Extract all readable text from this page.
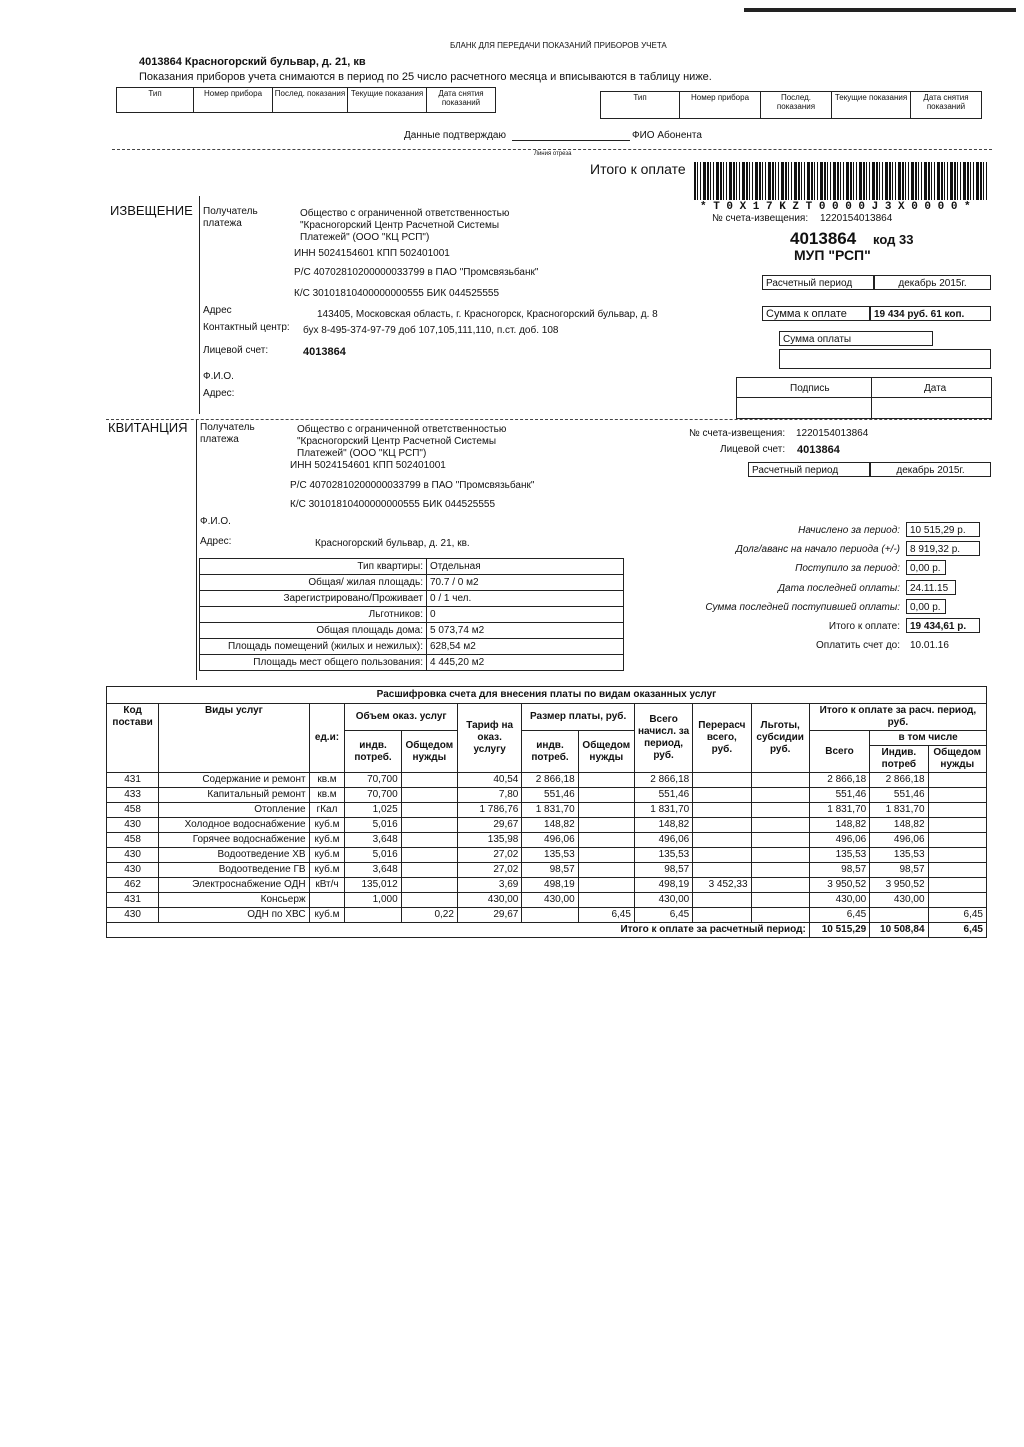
БЛАНК ДЛЯ ПЕРЕДАЧИ ПОКАЗАНИЙ ПРИБОРОВ УЧЕТА
4013864 Красногорский бульвар, д. 21, кв
Показания приборов учета снимаются в период по 25 число расчетного месяца и вписываются в таблицу ниже.
Тип	Номер прибора	Послед. показания	Текущие показания	Дата снятия показаний
Тип	Номер прибора	Послед. показания	Текущие показания	Дата снятия показаний
Данные подтверждаю	ФИО Абонента
Линия отреза
ИЗВЕЩЕНИЕ
Итого к оплате
* T 0 X 1 7 K Z T 0 0 0 0 J 3 X 0 0 0 0 *
№ счета-извещения: 1220154013864
4013864 код 33
МУП "РСП"
Получатель платежа
Общество с ограниченной ответственностью "Красногорский Центр Расчетной Системы Платежей" (ООО "КЦ РСП")
ИНН 5024154601 КПП 502401001
Р/С 40702810200000033799 в ПАО "Промсвязьбанк"
К/С 30101810400000000555 БИК 044525555
Адрес	143405, Московская область, г. Красногорск, Красногорский бульвар, д. 8
Контактный центр: бух 8-495-374-97-79 доб 107,105,111,110, п.ст. доб. 108
Лицевой счет:	4013864
Ф.И.О.
Адрес:
Расчетный период	декабрь 2015г.
Сумма к оплате	19 434 руб. 61 коп.
Сумма оплаты
Подпись	Дата
КВИТАНЦИЯ Получатель платежа
Общество с ограниченной ответственностью "Красногорский Центр Расчетной Системы Платежей" (ООО "КЦ РСП")
ИНН 5024154601 КПП 502401001
Р/С 40702810200000033799 в ПАО "Промсвязьбанк"
К/С 30101810400000000555 БИК 044525555
№ счета-извещения: 1220154013864
Лицевой счет: 4013864
Расчетный период	декабрь 2015г.
Ф.И.О.
Адрес:	Красногорский бульвар, д. 21, кв.
Тип квартиры:	Отдельная
Общая/ жилая площадь:	70.7 / 0 м2
Зарегистрировано/Проживает	0 / 1 чел.
Льготников:	0
Общая площадь дома:	5 073,74 м2
Площадь помещений (жилых и нежилых):	628,54 м2
Площадь мест общего пользования:	4 445,20 м2
Начислено за период:	10 515,29 р.
Долг/аванс на начало периода (+/-)	8 919,32 р.
Поступило за период:	0,00 р.
Дата последней оплаты:	24.11.15
Сумма последней поступившей оплаты:	0,00 р.
Итого к оплате:	19 434,61 р.
Оплатить счет до: 10.01.16
Расшифровка счета для внесения платы по видам оказанных услуг													
Код постави	Виды услуг	ед.и:	Объем оказ. услуг		Тариф на оказ. услугу	Размер платы, руб.		Всего начисл. за период, руб.	Перерасч всего, руб.	Льготы, субсидии руб.	Итого к оплате за расч. период, руб.		
			индв. потреб.	Общедом нужды		индв. потреб.	Общедом нужды				Всего	в том числе	
												Индив. потреб	Общедом нужды
431	Содержание и ремонт	кв.м	70,700		40,54	2 866,18		2 866,18			2 866,18	2 866,18	
433	Капитальный ремонт	кв.м	70,700		7,80	551,46		551,46			551,46	551,46	
458	Отопление	гКал	1,025		1 786,76	1 831,70		1 831,70			1 831,70	1 831,70	
430	Холодное водоснабжение	куб.м	5,016		29,67	148,82		148,82			148,82	148,82	
458	Горячее водоснабжение	куб.м	3,648		135,98	496,06		496,06			496,06	496,06	
430	Водоотведение ХВ	куб.м	5,016		27,02	135,53		135,53			135,53	135,53	
430	Водоотведение ГВ	куб.м	3,648		27,02	98,57		98,57			98,57	98,57	
462	Электроснабжение ОДН	кВт/ч	135,012		3,69	498,19		498,19	3 452,33		3 950,52	3 950,52	
431	Консьерж		1,000		430,00	430,00		430,00			430,00	430,00	
430	ОДН по ХВС	куб.м		0,22	29,67		6,45	6,45			6,45		6,45
Итого к оплате за расчетный период:											10 515,29	10 508,84	6,45
